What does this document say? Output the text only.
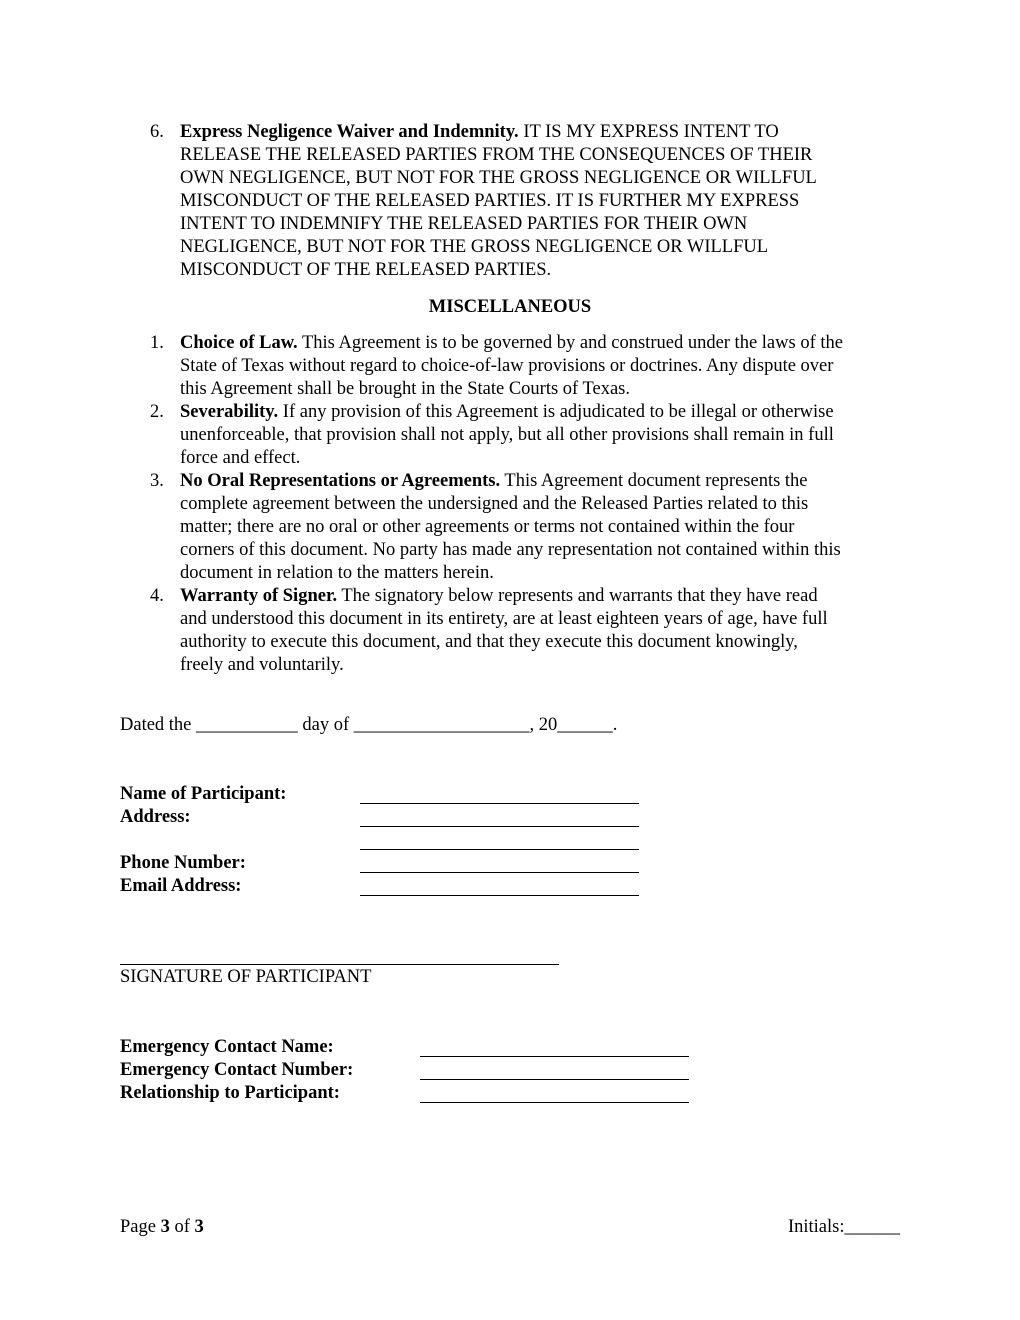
6. Express Negligence Waiver and Indemnity. IT IS MY EXPRESS INTENT TO
RELEASE THE RELEASED PARTIES FROM THE CONSEQUENCES OF THEIR
OWN NEGLIGENCE, BUT NOT FOR THE GROSS NEGLIGENCE OR WILLFUL
MISCONDUCT OF THE RELEASED PARTIES. IT IS FURTHER MY EXPRESS
INTENT TO INDEMNIFY THE RELEASED PARTIES FOR THEIR OWN
NEGLIGENCE, BUT NOT FOR THE GROSS NEGLIGENCE OR WILLFUL
MISCONDUCT OF THE RELEASED PARTIES.
MISCELLANEOUS
1. Choice of Law. This Agreement is to be governed by and construed under the laws of the
State of Texas without regard to choice-of-law provisions or doctrines. Any dispute over
this Agreement shall be brought in the State Courts of Texas.
2. Severability. If any provision of this Agreement is adjudicated to be illegal or otherwise
unenforceable, that provision shall not apply, but all other provisions shall remain in full
force and effect.
3. No Oral Representations or Agreements. This Agreement document represents the
complete agreement between the undersigned and the Released Parties related to this
matter; there are no oral or other agreements or terms not contained within the four
corners of this document. No party has made any representation not contained within this
document in relation to the matters herein.
4. Warranty of Signer. The signatory below represents and warrants that they have read
and understood this document in its entirety, are at least eighteen years of age, have full
authority to execute this document, and that they execute this document knowingly,
freely and voluntarily.
Dated the ___________ day of ___________________, 20______.
Name of Participant:
Address:
Phone Number:
Email Address:
SIGNATURE OF PARTICIPANT
Emergency Contact Name:
Emergency Contact Number:
Relationship to Participant:
Page 3 of 3	Initials:______
